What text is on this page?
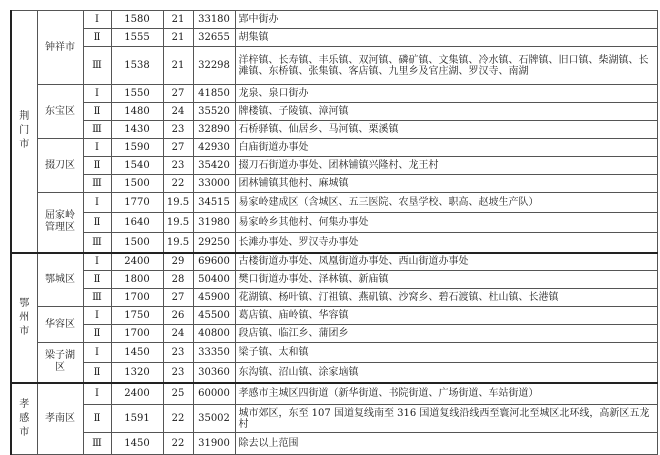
荆门市	钟祥市	Ⅰ	1580	21	33180	郢中街办
		Ⅱ	1555	21	32655	胡集镇
		Ⅲ	1538	21	32298	洋梓镇、长寿镇、丰乐镇、双河镇、磷矿镇、文集镇、冷水镇、石牌镇、旧口镇、柴湖镇、长滩镇、东桥镇、张集镇、客店镇、九里乡及官庄湖、罗汉寺、南湖
	东宝区	Ⅰ	1550	27	41850	龙泉、泉口街办
		Ⅱ	1480	24	35520	牌楼镇、子陵镇、漳河镇
		Ⅲ	1430	23	32890	石桥驿镇、仙居乡、马河镇、栗溪镇
	掇刀区	Ⅰ	1590	27	42930	白庙街道办事处
		Ⅱ	1540	23	35420	掇刀石街道办事处、团林铺镇兴隆村、龙王村
		Ⅲ	1500	22	33000	团林铺镇其他村、麻城镇
	屈家岭管理区	Ⅰ	1770	19.5	34515	易家岭建成区（含城区、五三医院、农垦学校、职高、赵坡生产队）
		Ⅱ	1640	19.5	31980	易家岭乡其他村、何集办事处
		Ⅲ	1500	19.5	29250	长滩办事处、罗汉寺办事处
鄂州市	鄂城区	Ⅰ	2400	29	69600	古楼街道办事处、凤凰街道办事处、西山街道办事处
		Ⅱ	1800	28	50400	樊口街道办事处、泽林镇、新庙镇
		Ⅲ	1700	27	45900	花湖镇、杨叶镇、汀祖镇、燕矶镇、沙窝乡、碧石渡镇、杜山镇、长港镇
	华容区	Ⅰ	1750	26	45500	葛店镇、庙岭镇、华容镇
		Ⅱ	1700	24	40800	段店镇、临江乡、蒲团乡
	梁子湖区	Ⅰ	1450	23	33350	梁子镇、太和镇
		Ⅱ	1320	23	30360	东沟镇、沼山镇、涂家垴镇
孝感市	孝南区	Ⅰ	2400	25	60000	孝感市主城区四街道（新华街道、书院街道、广场街道、车站街道）
		Ⅱ	1591	22	35002	城市郊区，东至 107 国道复线南至 316 国道复线沿线西至寰河北至城区北环线，高新区五龙村
		Ⅲ	1450	22	31900	除去以上范围
